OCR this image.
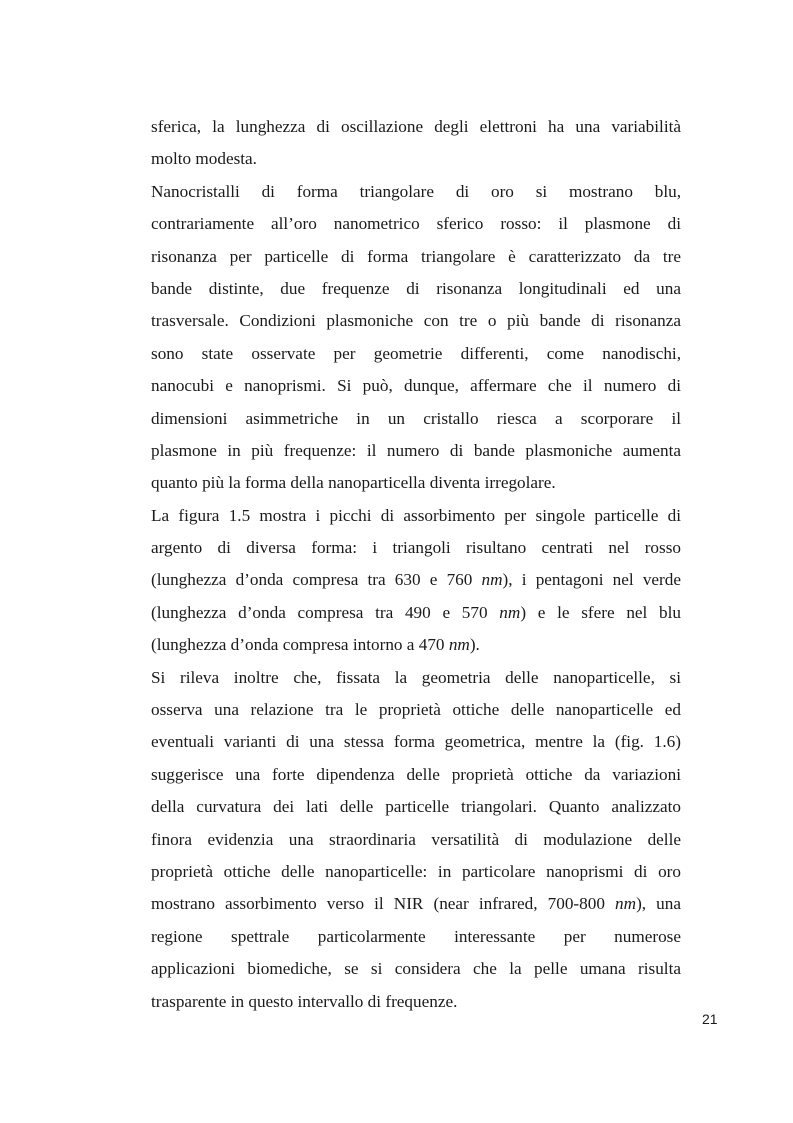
sferica, la lunghezza di oscillazione degli elettroni ha una variabilità
molto modesta.

Nanocristalli di forma triangolare di oro si mostrano blu,
contrariamente all’oro nanometrico sferico rosso: il plasmone di
risonanza per particelle di forma triangolare è caratterizzato da tre
bande distinte, due frequenze di risonanza longitudinali ed una
trasversale. Condizioni plasmoniche con tre o più bande di risonanza
sono state osservate per geometrie differenti, come nanodischi,
nanocubi e nanoprismi. Si può, dunque, affermare che il numero di
dimensioni asimmetriche in un cristallo riesca a scorporare il
plasmone in più frequenze: il numero di bande plasmoniche aumenta
quanto più la forma della nanoparticella diventa irregolare.

La figura 1.5 mostra i picchi di assorbimento per singole particelle di
argento di diversa forma: i triangoli risultano centrati nel rosso
(lunghezza d’onda compresa tra 630 e 760 nm), i pentagoni nel verde
(lunghezza d’onda compresa tra 490 e 570 nm) e le sfere nel blu
(lunghezza d’onda compresa intorno a 470 nm).

Si rileva inoltre che, fissata la geometria delle nanoparticelle, si
osserva una relazione tra le proprietà ottiche delle nanoparticelle ed
eventuali varianti di una stessa forma geometrica, mentre la (fig. 1.6)
suggerisce una forte dipendenza delle proprietà ottiche da variazioni
della curvatura dei lati delle particelle triangolari. Quanto analizzato
finora evidenzia una straordinaria versatilità di modulazione delle
proprietà ottiche delle nanoparticelle: in particolare nanoprismi di oro
mostrano assorbimento verso il NIR (near infrared, 700-800 nm), una
regione spettrale particolarmente interessante per numerose
applicazioni biomediche, se si considera che la pelle umana risulta
trasparente in questo intervallo di frequenze.

21
